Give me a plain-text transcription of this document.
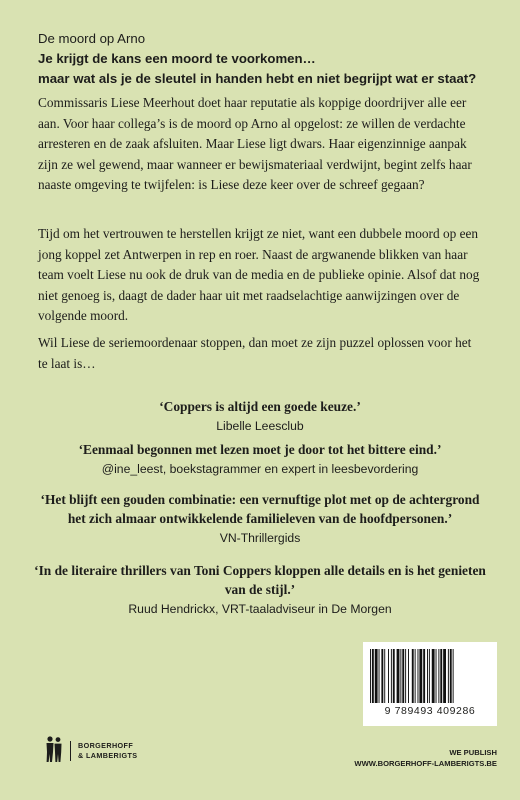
De moord op Arno
Je krijgt de kans een moord te voorkomen…
maar wat als je de sleutel in handen hebt en niet begrijpt wat er staat?

Commissaris Liese Meerhout doet haar reputatie als koppige doordrijver alle eer aan. Voor haar collega’s is de moord op Arno al opgelost: ze willen de verdachte arresteren en de zaak afsluiten. Maar Liese ligt dwars. Haar eigenzinnige aanpak zijn ze wel gewend, maar wanneer er bewijsmateriaal verdwijnt, begint zelfs haar naaste omgeving te twijfelen: is Liese deze keer over de schreef gegaan?

Tijd om het vertrouwen te herstellen krijgt ze niet, want een dubbele moord op een jong koppel zet Antwerpen in rep en roer. Naast de argwanende blikken van haar team voelt Liese nu ook de druk van de media en de publieke opinie. Alsof dat nog niet genoeg is, daagt de dader haar uit met raadselachtige aanwijzingen over de volgende moord.

Wil Liese de seriemoordenaar stoppen, dan moet ze zijn puzzel oplossen voor het te laat is…

‘Coppers is altijd een goede keuze.’
Libelle Leesclub
‘Eenmaal begonnen met lezen moet je door tot het bittere eind.’
@ine_leest, boekstagrammer en expert in leesbevordering
‘Het blijft een gouden combinatie: een vernuftige plot met op de achtergrond het zich almaar ontwikkelende familieleven van de hoofdpersonen.’
VN-Thrillergids
‘In de literaire thrillers van Toni Coppers kloppen alle details en is het genieten van de stijl.’
Ruud Hendrickx, VRT-taaladviseur in De Morgen
9 789493 409286
BORGERHOFF
& LAMBERIGTS	WE PUBLISH
WWW.BORGERHOFF-LAMBERIGTS.BE
